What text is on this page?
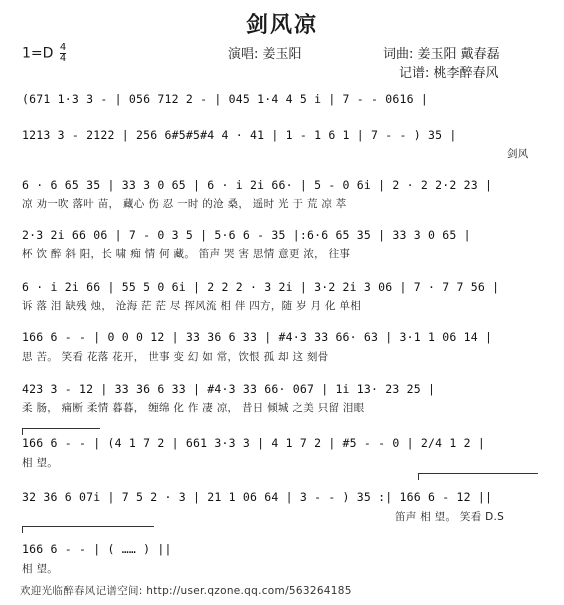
剑风凉
$1=D \frac{4}{4}$	演唱: 姜玉阳	词曲: 姜玉阳 戴春磊
记谱: 桃李醉春风
(671 1·3 3 - | 056 712 2 - | 045 1·4 4 5 i | 7 - - 0616 |
1213 3 - 2122 | 256 6#5#5#4 4 · 41 | 1 - 1 6 1 | 7 - - ) 35 |
剑风
6 · 6 65 35 | 33 3 0 65 | 6 · i 2i 66· | 5 - 0 6i | 2 · 2 2·2 23 |
凉 劝一吹 落叶 苗， 藏心 伤 忍 一时 的沧 桑， 遥时 光 于 荒 凉 萃
2·3 2i 66 06 | 7 - 0 3 5 | 5·6 6 - 35 |:6·6 65 35 | 33 3 0 65 |
杯 饮 醉 斜 阳，长 啸 痴 情 何 藏。 笛声 哭 害 思情 意更 浓， 往事
6 · i 2i 66 | 55 5 0 6i | 2 2 2 · 3 2i | 3·2 2i 3 06 | 7 · 7 7 56 |
诉 落 泪 缺残 烛， 沧海 茫 茫 尽 挥风流 相 伴 四方，随 岁 月 化 单相
166 6 - - | 0 0 0 12 | 33 36 6 33 | #4·3 33 66· 63 | 3·1 1 06 14 |
思 苦。 笑看 花落 花开， 世事 变 幻 如 常，饮恨 孤 却 这 刻骨
423 3 - 12 | 33 36 6 33 | #4·3 33 66· 067 | 1i 13· 23 25 |
柔 肠， 痛断 柔情 暮暮， 缠绵 化 作 凄 凉， 昔日 倾城 之美 只留 泪眼
166 6 - - | (4 1 7 2 | 661 3·3 3 | 4 1 7 2 | #5 - - 0 | 2/4 1 2 |
相 望。
32 36 6 07i | 7 5 2 · 3 | 21 1 06 64 | 3 - - ) 35 :| 166 6 - 12 ||
笛声 相 望。 笑看 D.S
166 6 - - | ( …… ) ||
相 望。
欢迎光临醉春风记谱空间: http://user.qzone.qq.com/563264185
